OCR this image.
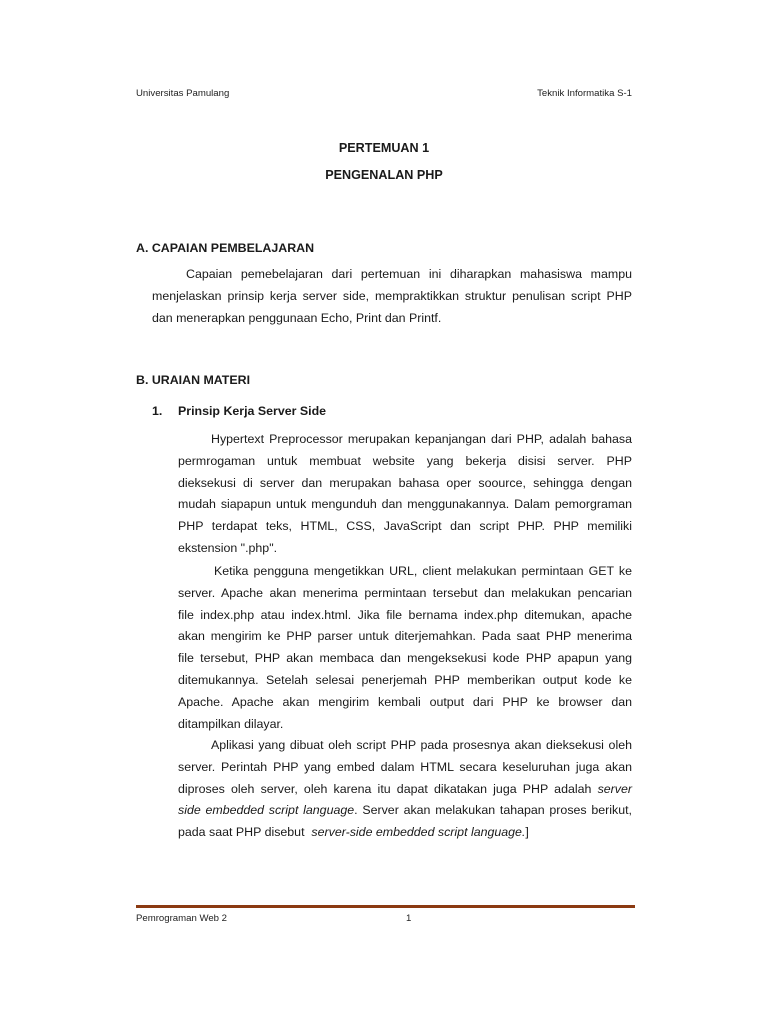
Universitas Pamulang	Teknik Informatika S-1
PERTEMUAN 1
PENGENALAN PHP
A. CAPAIAN PEMBELAJARAN
Capaian pemebelajaran dari pertemuan ini diharapkan mahasiswa mampu
menjelaskan prinsip kerja server side, mempraktikkan struktur penulisan script PHP
dan menerapkan penggunaan Echo, Print dan Printf.
B. URAIAN MATERI
1. Prinsip Kerja Server Side
Hypertext Preprocessor merupakan kepanjangan dari PHP, adalah bahasa
permrogaman untuk membuat website yang bekerja disisi server. PHP
dieksekusi di server dan merupakan bahasa oper soource, sehingga dengan
mudah siapapun untuk mengunduh dan menggunakannya. Dalam pemorgraman
PHP terdapat teks, HTML, CSS, JavaScript dan script PHP. PHP memiliki
ekstension ".php".
Ketika pengguna mengetikkan URL, client melakukan permintaan GET ke
server. Apache akan menerima permintaan tersebut dan melakukan pencarian
file index.php atau index.html. Jika file bernama index.php ditemukan, apache
akan mengirim ke PHP parser untuk diterjemahkan. Pada saat PHP menerima
file tersebut, PHP akan membaca dan mengeksekusi kode PHP apapun yang
ditemukannya. Setelah selesai penerjemah PHP memberikan output kode ke
Apache. Apache akan mengirim kembali output dari PHP ke browser dan
ditampilkan dilayar.
Aplikasi yang dibuat oleh script PHP pada prosesnya akan dieksekusi oleh
server. Perintah PHP yang embed dalam HTML secara keseluruhan juga akan
diproses oleh server, oleh karena itu dapat dikatakan juga PHP adalah server
side embedded script language. Server akan melakukan tahapan proses berikut,
pada saat PHP disebut  server-side embedded script language.]
Pemrograman Web 2	1
